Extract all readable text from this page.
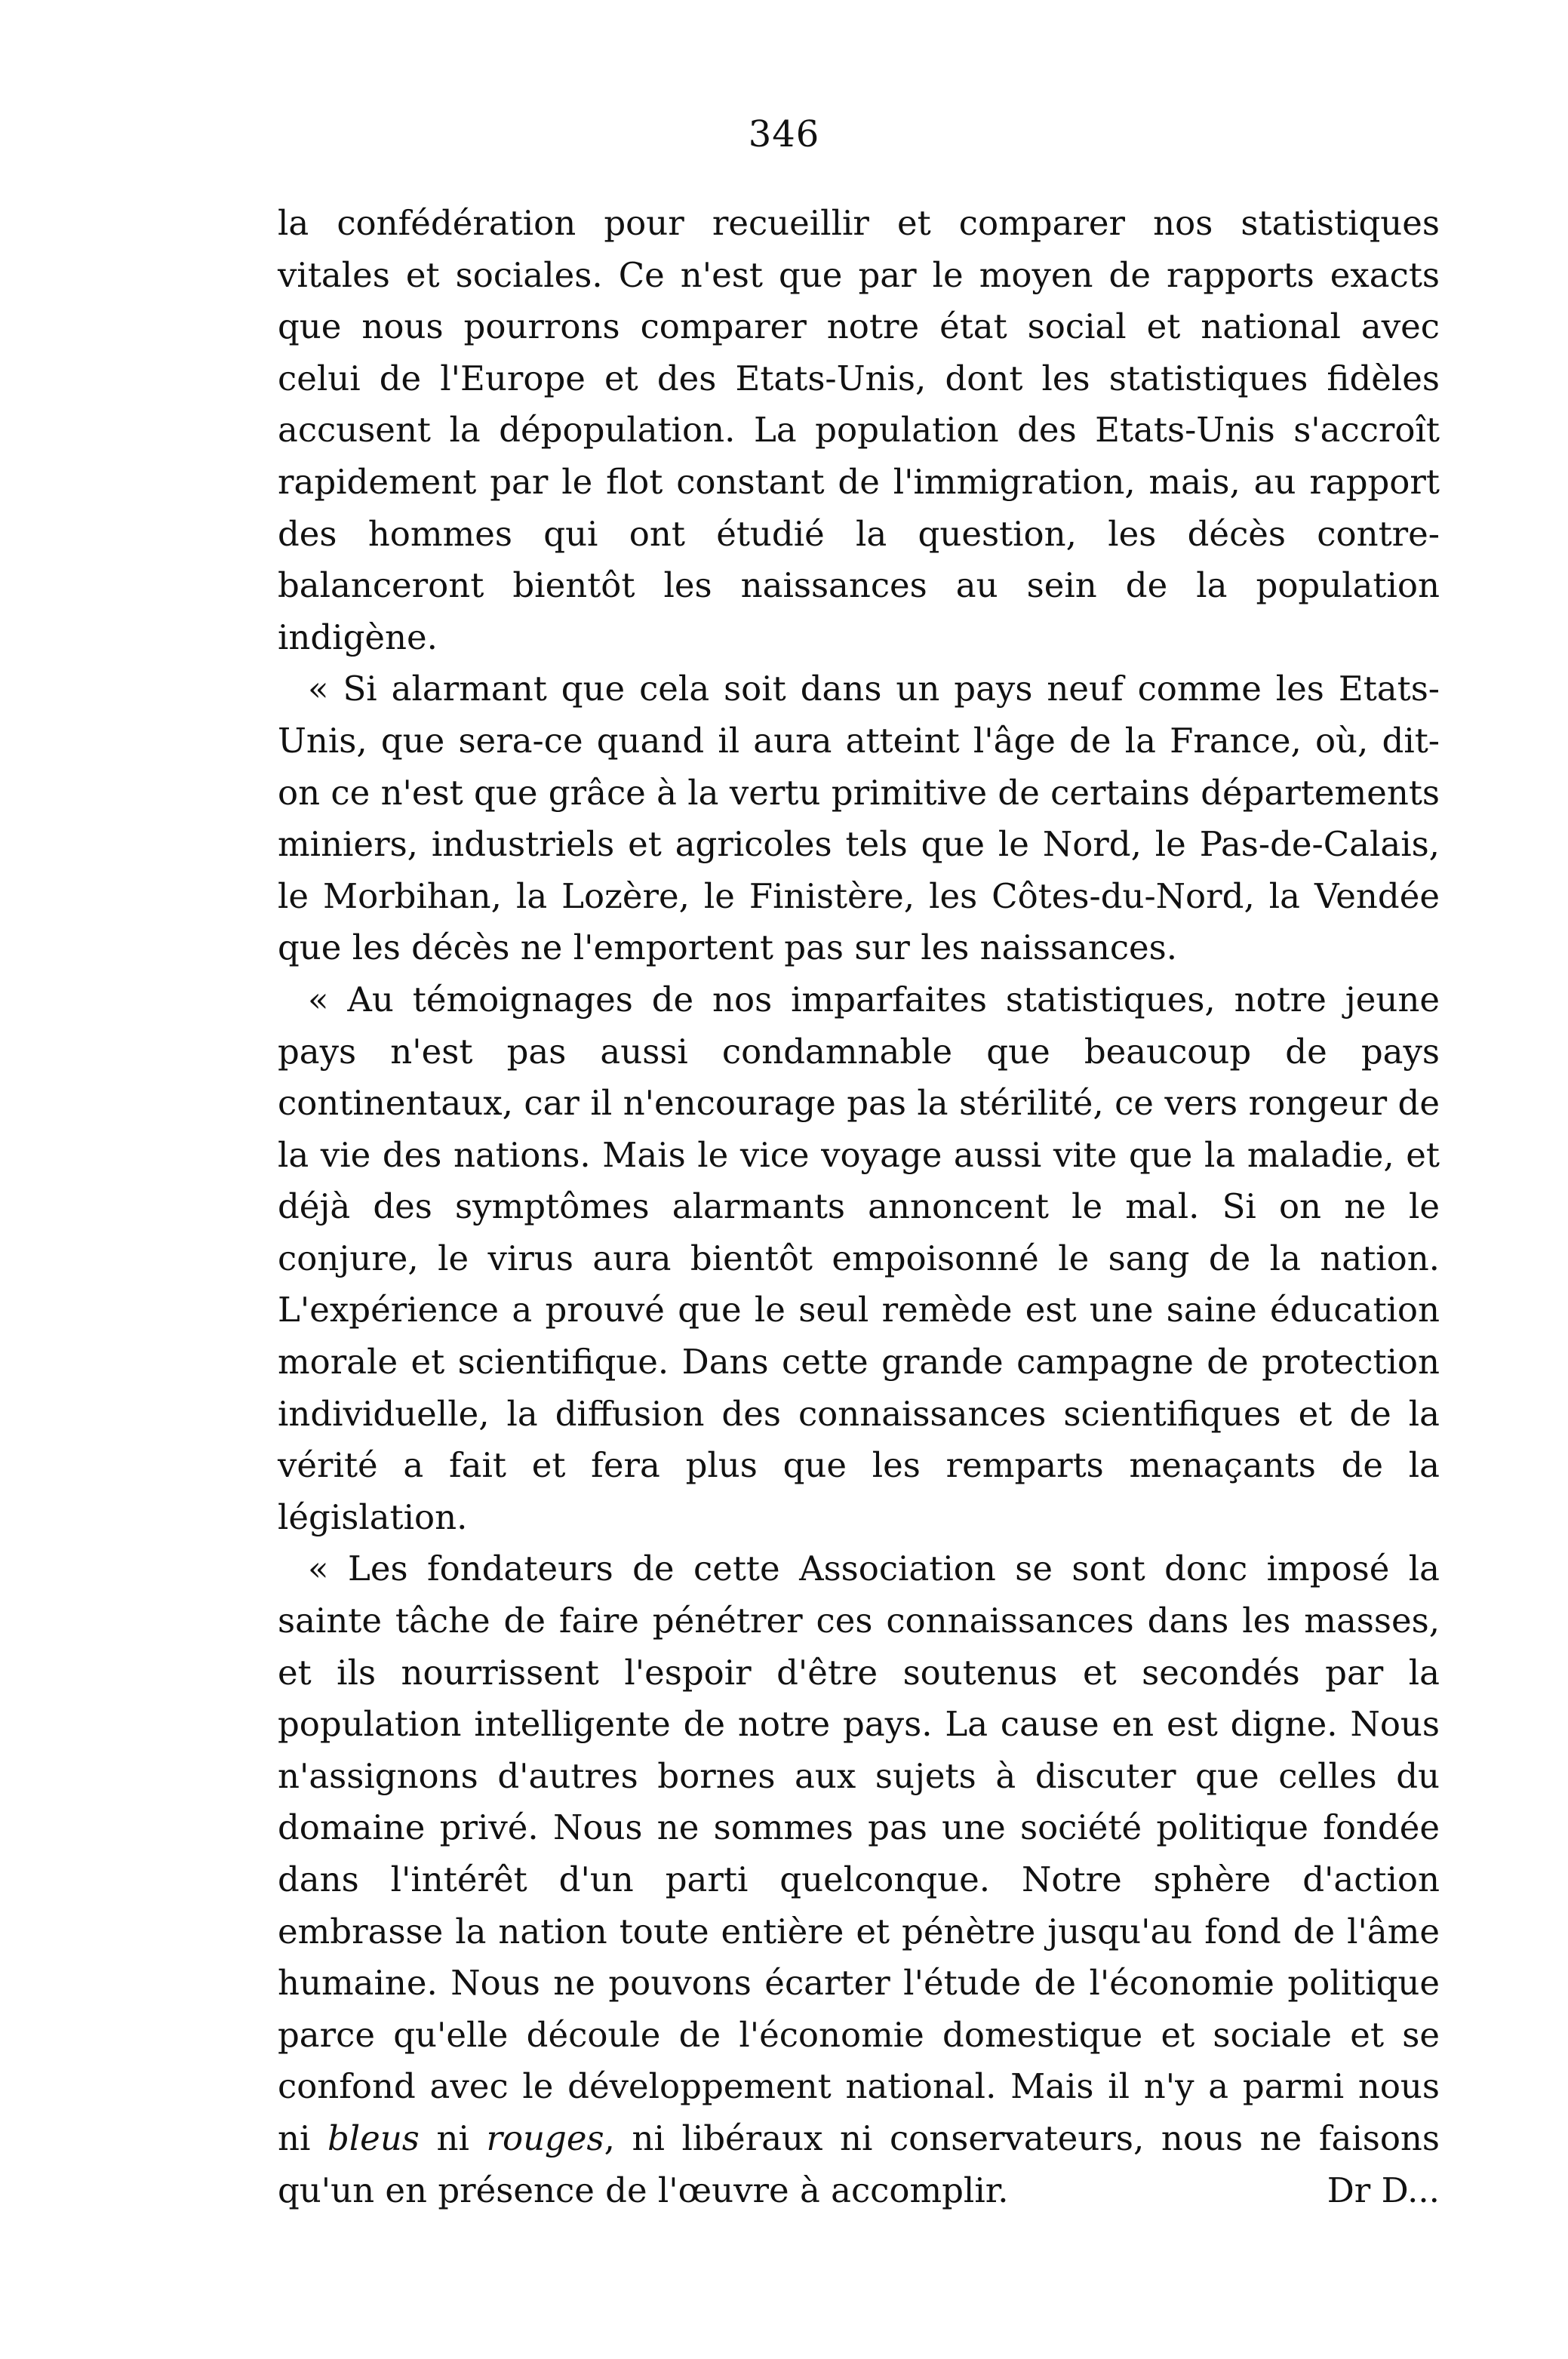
346

la confédération pour recueillir et comparer nos statistiques vitales et sociales. Ce n'est que par le moyen de rapports exacts que nous pourrons comparer notre état social et national avec celui de l'Europe et des Etats-Unis, dont les statistiques fidèles accusent la dépopulation. La population des Etats-Unis s'accroît rapidement par le flot constant de l'immigration, mais, au rapport des hommes qui ont étudié la question, les décès contre-balanceront bientôt les naissances au sein de la population indigène.

« Si alarmant que cela soit dans un pays neuf comme les Etats-Unis, que sera-ce quand il aura atteint l'âge de la France, où, dit-on ce n'est que grâce à la vertu primitive de certains départements miniers, industriels et agricoles tels que le Nord, le Pas-de-Calais, le Morbihan, la Lozère, le Finistère, les Côtes-du-Nord, la Vendée que les décès ne l'emportent pas sur les naissances.

« Au témoignages de nos imparfaites statistiques, notre jeune pays n'est pas aussi condamnable que beaucoup de pays continentaux, car il n'encourage pas la stérilité, ce vers rongeur de la vie des nations. Mais le vice voyage aussi vite que la maladie, et déjà des symptômes alarmants annoncent le mal. Si on ne le conjure, le virus aura bientôt empoisonné le sang de la nation. L'expérience a prouvé que le seul remède est une saine éducation morale et scientifique. Dans cette grande campagne de protection individuelle, la diffusion des connaissances scientifiques et de la vérité a fait et fera plus que les remparts menaçants de la législation.

« Les fondateurs de cette Association se sont donc imposé la sainte tâche de faire pénétrer ces connaissances dans les masses, et ils nourrissent l'espoir d'être soutenus et secondés par la population intelligente de notre pays. La cause en est digne. Nous n'assignons d'autres bornes aux sujets à discuter que celles du domaine privé. Nous ne sommes pas une société politique fondée dans l'intérêt d'un parti quelconque. Notre sphère d'action embrasse la nation toute entière et pénètre jusqu'au fond de l'âme humaine. Nous ne pouvons écarter l'étude de l'économie politique parce qu'elle découle de l'économie domestique et sociale et se confond avec le développement national. Mais il n'y a parmi nous ni bleus ni rouges, ni libéraux ni conservateurs, nous ne faisons qu'un en présence de l'œuvre à accomplir.	Dr D...
